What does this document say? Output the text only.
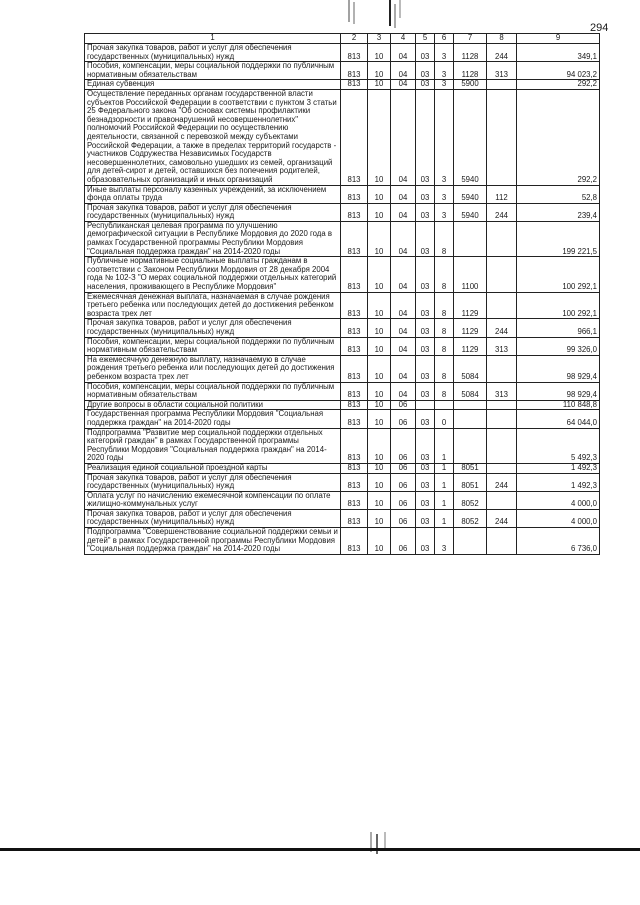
294
1	2	3	4	5	6	7	8	9
Прочая закупка товаров, работ и услуг для обеспечения государственных (муниципальных) нужд	813	10	04	03	3	1128	244	349,1
Пособия, компенсации, меры социальной поддержки по публичным нормативным обязательствам	813	10	04	03	3	1128	313	94 023,2
Единая субвенция	813	10	04	03	3	5900		292,2
Осуществление переданных органам государственной власти субъектов Российской Федерации в соответствии с пунктом 3 статьи 25 Федерального закона "Об основах системы профилактики безнадзорности и правонарушений несовершеннолетних" полномочий Российской Федерации по осуществлению деятельности, связанной с перевозкой между субъектами Российской Федерации, а также в пределах территорий государств - участников Содружества Независимых Государств несовершеннолетних, самовольно ушедших из семей, организаций для детей-сирот и детей, оставшихся без попечения родителей, образовательных организаций и иных организаций	813	10	04	03	3	5940		292,2
Иные выплаты персоналу казенных учреждений, за исключением фонда оплаты труда	813	10	04	03	3	5940	112	52,8
Прочая закупка товаров, работ и услуг для обеспечения государственных (муниципальных) нужд	813	10	04	03	3	5940	244	239,4
Республиканская целевая программа по улучшению демографической ситуации в Республике Мордовия до 2020 года в рамках Государственной программы Республики Мордовия "Социальная поддержка граждан" на 2014-2020 годы	813	10	04	03	8			199 221,5
Публичные нормативные социальные выплаты гражданам в соответствии с Законом Республики Мордовия от 28 декабря 2004 года № 102-З "О мерах социальной поддержки отдельных категорий населения, проживающего в Республике Мордовия"	813	10	04	03	8	1100		100 292,1
Ежемесячная денежная выплата, назначаемая в случае рождения третьего ребенка или последующих детей до достижения ребенком возраста трех лет	813	10	04	03	8	1129		100 292,1
Прочая закупка товаров, работ и услуг для обеспечения государственных (муниципальных) нужд	813	10	04	03	8	1129	244	966,1
Пособия, компенсации, меры социальной поддержки по публичным нормативным обязательствам	813	10	04	03	8	1129	313	99 326,0
На ежемесячную денежную выплату, назначаемую в случае рождения третьего ребенка или последующих детей до достижения ребенком возраста трех лет	813	10	04	03	8	5084		98 929,4
Пособия, компенсации, меры социальной поддержки по публичным нормативным обязательствам	813	10	04	03	8	5084	313	98 929,4
Другие вопросы в области социальной политики	813	10	06					110 848,8
Государственная программа Республики Мордовия "Социальная поддержка граждан" на 2014-2020 годы	813	10	06	03	0			64 044,0
Подпрограмма "Развитие мер социальной поддержки отдельных категорий граждан" в рамках Государственной программы Республики Мордовия "Социальная поддержка граждан" на 2014-2020 годы	813	10	06	03	1			5 492,3
Реализация единой социальной проездной карты	813	10	06	03	1	8051		1 492,3
Прочая закупка товаров, работ и услуг для обеспечения государственных (муниципальных) нужд	813	10	06	03	1	8051	244	1 492,3
Оплата услуг по начислению ежемесячной компенсации по оплате жилищно-коммунальных услуг	813	10	06	03	1	8052		4 000,0
Прочая закупка товаров, работ и услуг для обеспечения государственных (муниципальных) нужд	813	10	06	03	1	8052	244	4 000,0
Подпрограмма "Совершенствование социальной поддержки семьи и детей" в рамках Государственной программы Республики Мордовия "Социальная поддержка граждан" на 2014-2020 годы	813	10	06	03	3			6 736,0
